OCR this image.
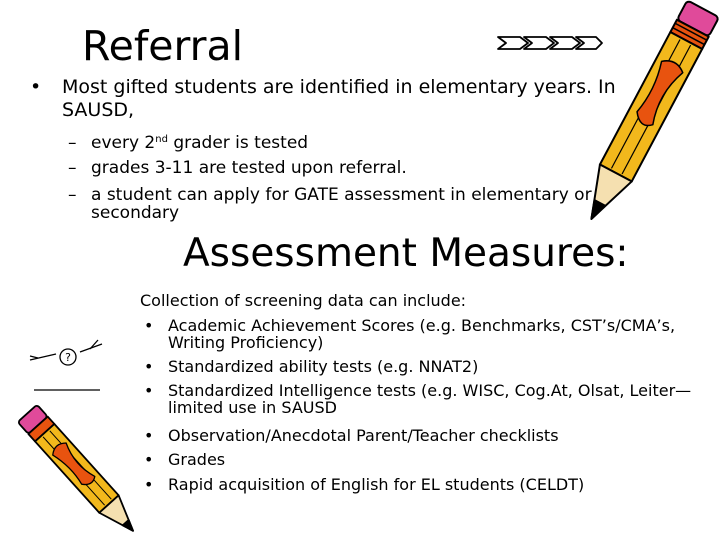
Referral
• Most gifted students are identified in elementary years. In SAUSD,
– every 2nd grader is tested
– grades 3-11 are tested upon referral.
– a student can apply for GATE assessment in elementary or secondary
Assessment Measures:
?
Collection of screening data can include:
• Academic Achievement Scores (e.g. Benchmarks, CST’s/CMA’s, Writing Proficiency)
• Standardized ability tests (e.g. NNAT2)
• Standardized Intelligence tests (e.g. WISC, Cog.At, Olsat, Leiter—limited use in SAUSD
• Observation/Anecdotal Parent/Teacher checklists
• Grades
• Rapid acquisition of English for EL students (CELDT)
